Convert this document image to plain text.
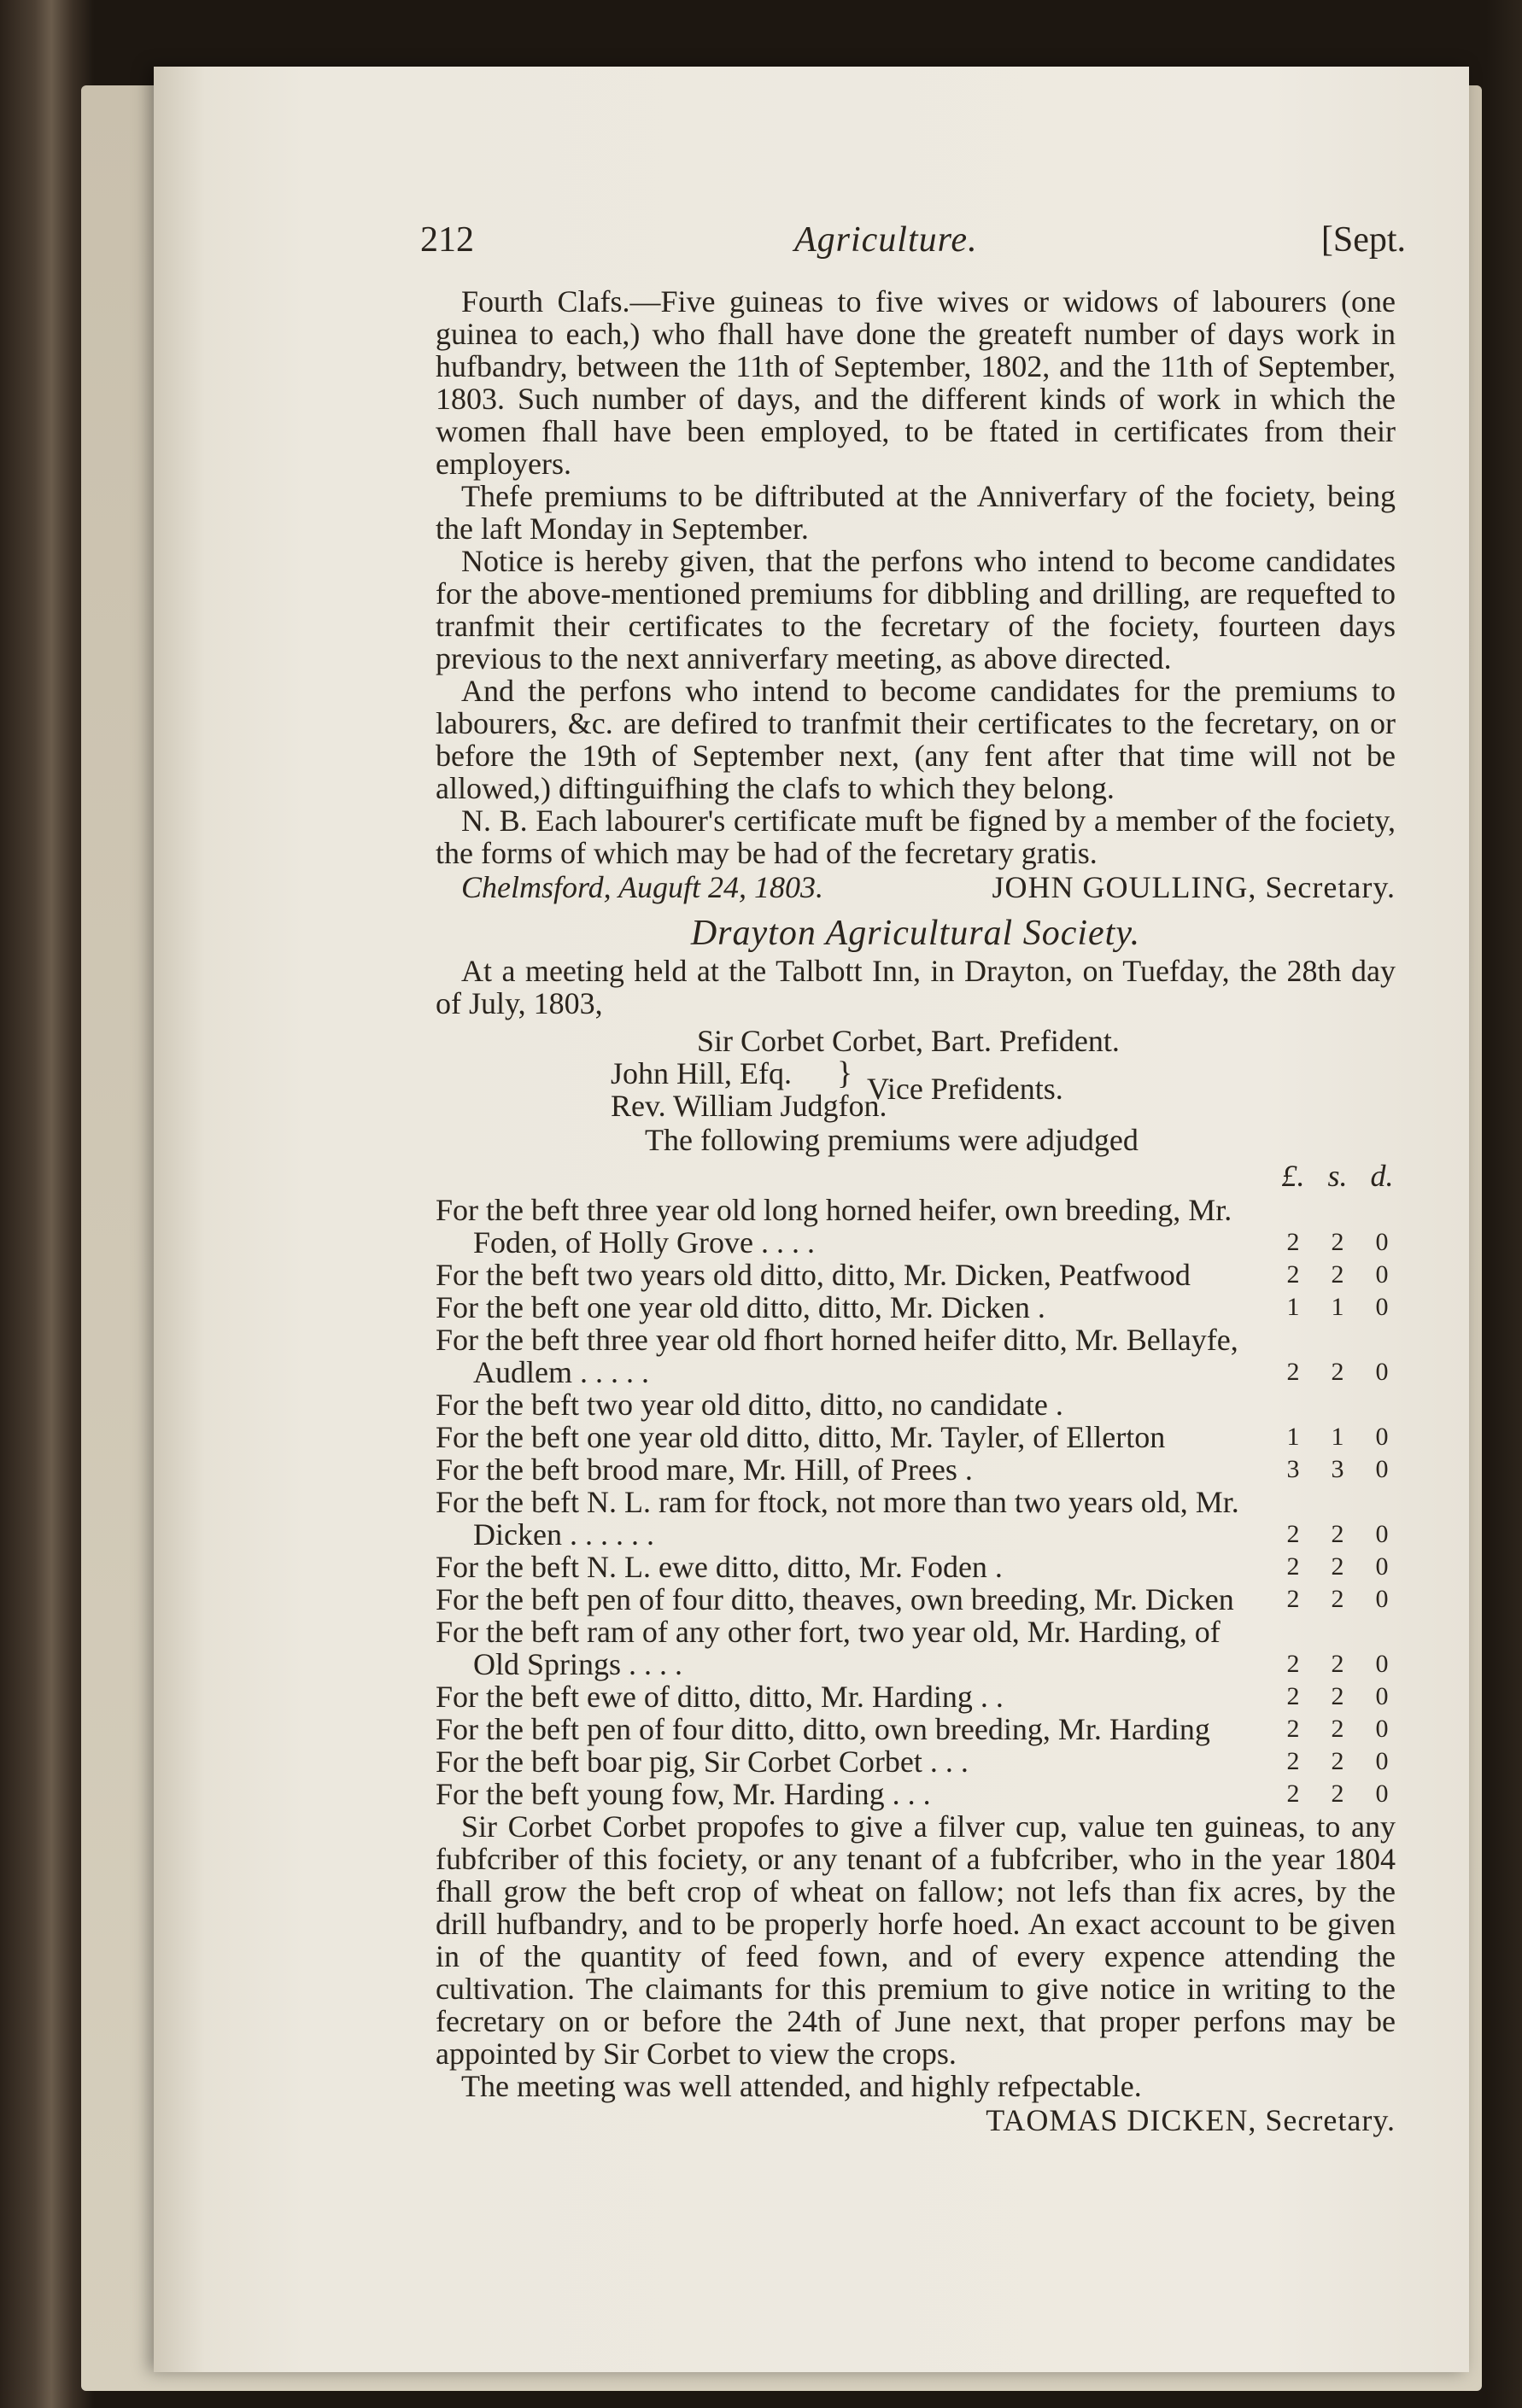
212	Agriculture.	[Sept.

Fourth Clafs.—Five guineas to five wives or widows of labourers (one guinea to each,) who fhall have done the greateft number of days work in hufbandry, between the 11th of September, 1802, and the 11th of September, 1803. Such number of days, and the different kinds of work in which the women fhall have been employed, to be ftated in certificates from their employers.

Thefe premiums to be diftributed at the Anniverfary of the fociety, being the laft Monday in September.

Notice is hereby given, that the perfons who intend to become candidates for the above-mentioned premiums for dibbling and drilling, are requefted to tranfmit their certificates to the fecretary of the fociety, fourteen days previous to the next anniverfary meeting, as above directed.

And the perfons who intend to become candidates for the premiums to labourers, &c. are defired to tranfmit their certificates to the fecretary, on or before the 19th of September next, (any fent after that time will not be allowed,) diftinguifhing the clafs to which they belong.

N. B. Each labourer's certificate muft be figned by a member of the fociety, the forms of which may be had of the fecretary gratis.

Chelmsford, Auguft 24, 1803.	JOHN GOULLING, Secretary.
Drayton Agricultural Society.

At a meeting held at the Talbott Inn, in Drayton, on Tuefday, the 28th day of July, 1803,

Sir Corbet Corbet, Bart. Prefident.
John Hill, Efq.
Rev. William Judgfon.
} Vice Prefidents.
The following premiums were adjudged
£. s. d.
For the beft three year old long horned heifer, own breeding, Mr.
Foden, of Holly Grove . . . .	2	2	0
For the beft two years old ditto, ditto, Mr. Dicken, Peatfwood	2	2	0
For the beft one year old ditto, ditto, Mr. Dicken .	1	1	0
For the beft three year old fhort horned heifer ditto, Mr. Bellayfe,
Audlem . . . . .	2	2	0
For the beft two year old ditto, ditto, no candidate .
For the beft one year old ditto, ditto, Mr. Tayler, of Ellerton	1	1	0
For the beft brood mare, Mr. Hill, of Prees .	3	3	0
For the beft N. L. ram for ftock, not more than two years old, Mr.
Dicken . . . . . .	2	2	0
For the beft N. L. ewe ditto, ditto, Mr. Foden .	2	2	0
For the beft pen of four ditto, theaves, own breeding, Mr. Dicken	2	2	0
For the beft ram of any other fort, two year old, Mr. Harding, of
Old Springs . . . .	2	2	0
For the beft ewe of ditto, ditto, Mr. Harding . .	2	2	0
For the beft pen of four ditto, ditto, own breeding, Mr. Harding	2	2	0
For the beft boar pig, Sir Corbet Corbet . . .	2	2	0
For the beft young fow, Mr. Harding . . .	2	2	0

Sir Corbet Corbet propofes to give a filver cup, value ten guineas, to any fubfcriber of this fociety, or any tenant of a fubfcriber, who in the year 1804 fhall grow the beft crop of wheat on fallow; not lefs than fix acres, by the drill hufbandry, and to be properly horfe hoed. An exact account to be given in of the quantity of feed fown, and of every expence attending the cultivation. The claimants for this premium to give notice in writing to the fecretary on or before the 24th of June next, that proper perfons may be appointed by Sir Corbet to view the crops.

The meeting was well attended, and highly refpectable.

TAOMAS DICKEN, Secretary.
